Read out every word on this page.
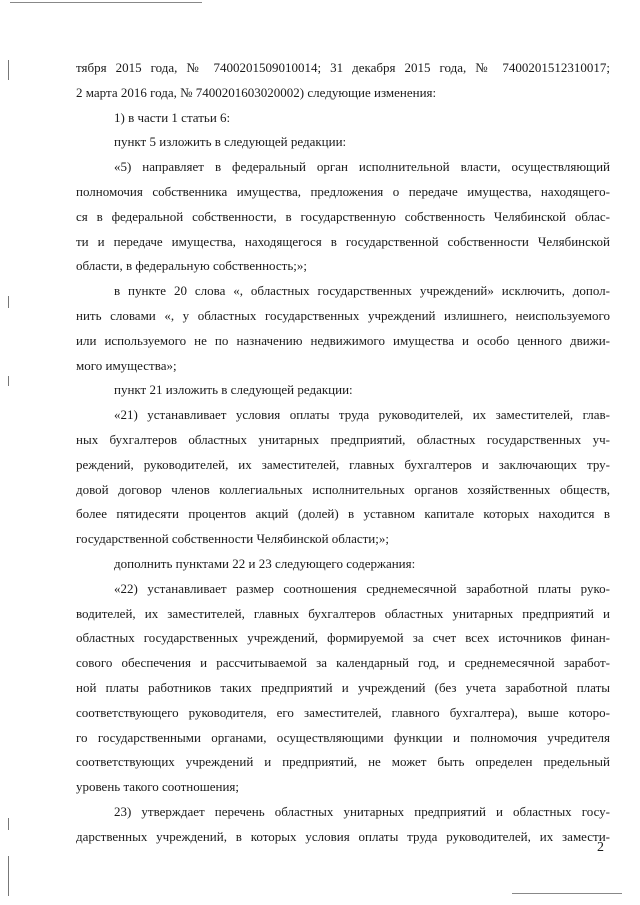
тября 2015 года, № 7400201509010014; 31 декабря 2015 года, № 7400201512310017;
2 марта 2016 года, № 7400201603020002) следующие изменения:
1) в части 1 статьи 6:
пункт 5 изложить в следующей редакции:
«5) направляет в федеральный орган исполнительной власти, осуществляющий
полномочия собственника имущества, предложения о передаче имущества, находящего-
ся в федеральной собственности, в государственную собственность Челябинской облас-
ти и передаче имущества, находящегося в государственной собственности Челябинской
области, в федеральную собственность;»;
в пункте 20 слова «, областных государственных учреждений» исключить, допол-
нить словами «, у областных государственных учреждений излишнего, неиспользуемого
или используемого не по назначению недвижимого имущества и особо ценного движи-
мого имущества»;
пункт 21 изложить в следующей редакции:
«21) устанавливает условия оплаты труда руководителей, их заместителей, глав-
ных бухгалтеров областных унитарных предприятий, областных государственных уч-
реждений, руководителей, их заместителей, главных бухгалтеров и заключающих тру-
довой договор членов коллегиальных исполнительных органов хозяйственных обществ,
более пятидесяти процентов акций (долей) в уставном капитале которых находится в
государственной собственности Челябинской области;»;
дополнить пунктами 22 и 23 следующего содержания:
«22) устанавливает размер соотношения среднемесячной заработной платы руко-
водителей, их заместителей, главных бухгалтеров областных унитарных предприятий и
областных государственных учреждений, формируемой за счет всех источников финан-
сового обеспечения и рассчитываемой за календарный год, и среднемесячной заработ-
ной платы работников таких предприятий и учреждений (без учета заработной платы
соответствующего руководителя, его заместителей, главного бухгалтера), выше которо-
го государственными органами, осуществляющими функции и полномочия учредителя
соответствующих учреждений и предприятий, не может быть определен предельный
уровень такого соотношения;
23) утверждает перечень областных унитарных предприятий и областных госу-
дарственных учреждений, в которых условия оплаты труда руководителей, их замести-
2
